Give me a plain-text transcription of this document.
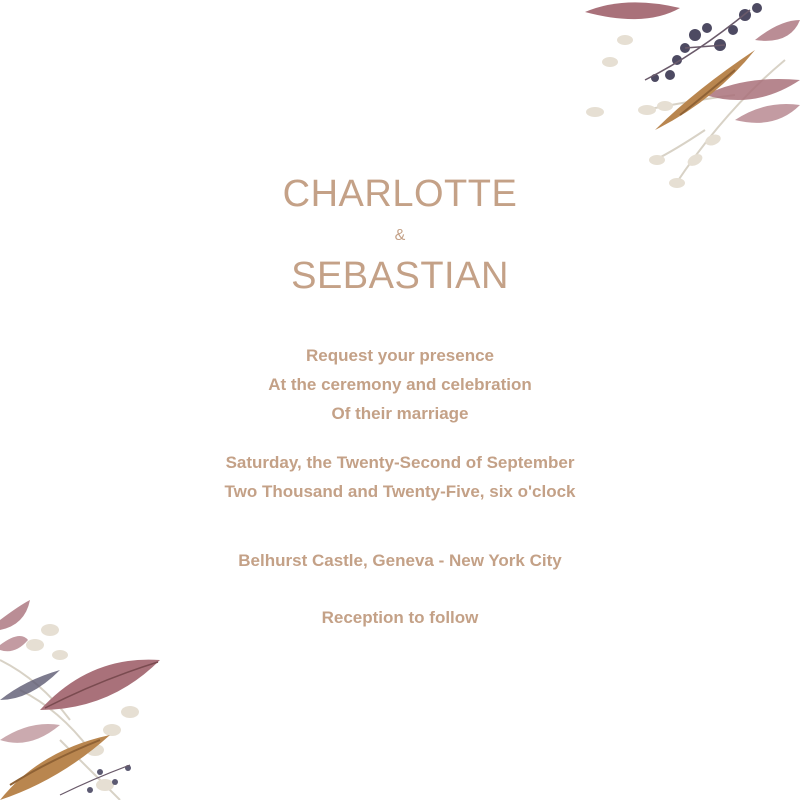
CHARLOTTE
&
SEBASTIAN
Request your presence
At the ceremony and celebration
Of their marriage
Saturday, the Twenty-Second of September
Two Thousand and Twenty-Five, six o'clock
Belhurst Castle, Geneva - New York City
Reception to follow
